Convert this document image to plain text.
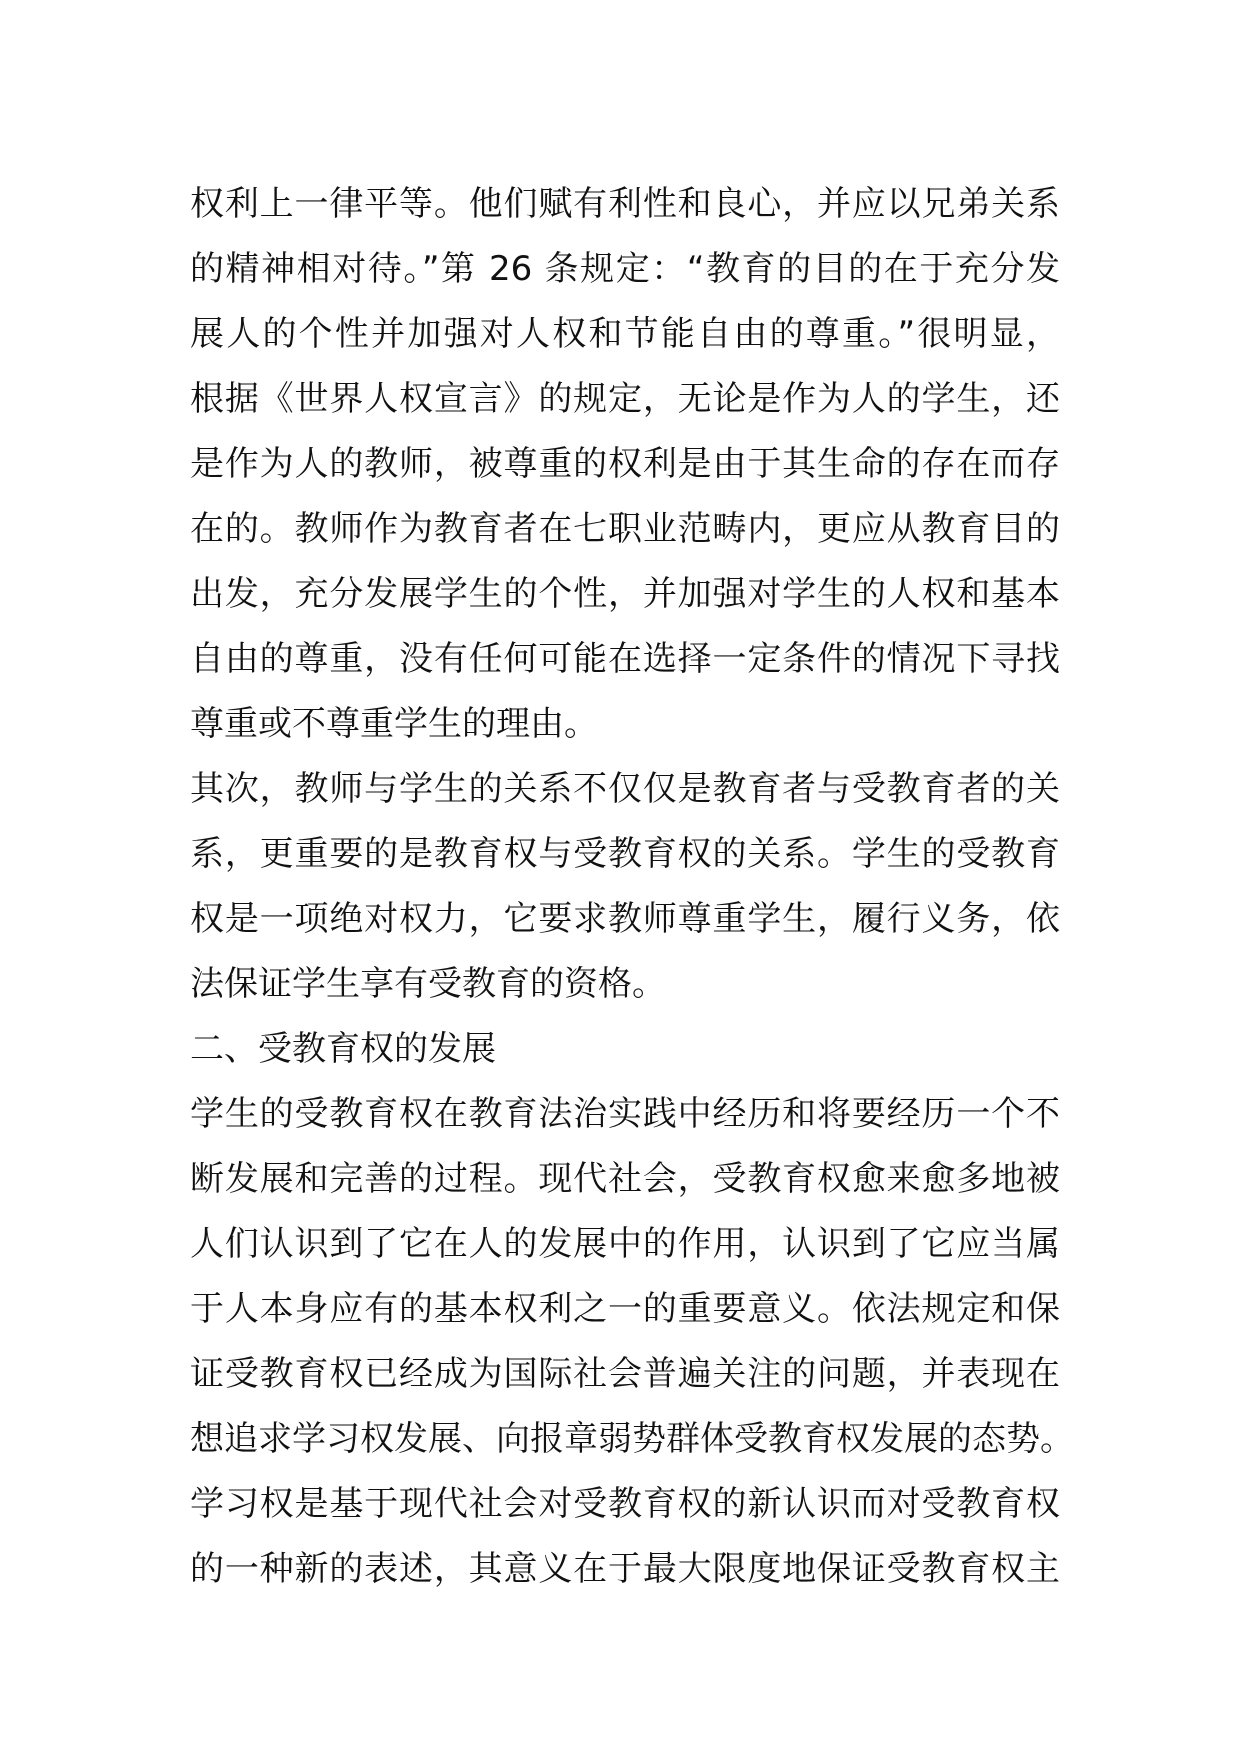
权利上一律平等。他们赋有利性和良心，并应以兄弟关系
的精神相对待。”第 26 条规定：“教育的目的在于充分发
展人的个性并加强对人权和节能自由的尊重。”很明显，
根据《世界人权宣言》的规定，无论是作为人的学生，还
是作为人的教师，被尊重的权利是由于其生命的存在而存
在的。教师作为教育者在七职业范畴内，更应从教育目的
出发，充分发展学生的个性，并加强对学生的人权和基本
自由的尊重，没有任何可能在选择一定条件的情况下寻找
尊重或不尊重学生的理由。
其次，教师与学生的关系不仅仅是教育者与受教育者的关
系，更重要的是教育权与受教育权的关系。学生的受教育
权是一项绝对权力，它要求教师尊重学生，履行义务，依
法保证学生享有受教育的资格。
二、受教育权的发展
学生的受教育权在教育法治实践中经历和将要经历一个不
断发展和完善的过程。现代社会，受教育权愈来愈多地被
人们认识到了它在人的发展中的作用，认识到了它应当属
于人本身应有的基本权利之一的重要意义。依法规定和保
证受教育权已经成为国际社会普遍关注的问题，并表现在
想追求学习权发展、向报章弱势群体受教育权发展的态势。
学习权是基于现代社会对受教育权的新认识而对受教育权
的一种新的表述，其意义在于最大限度地保证受教育权主
